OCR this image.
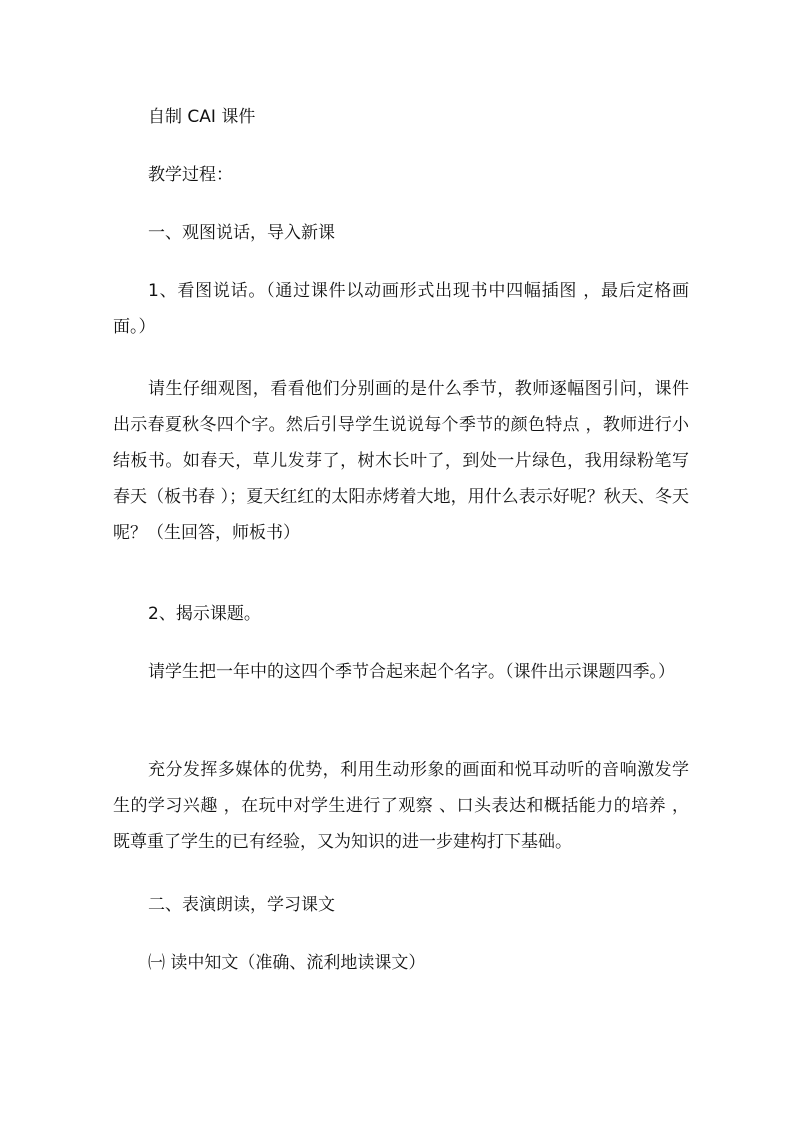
自制 CAI 课件

教学过程：

一、观图说话，导入新课

1、看图说话。（通过课件以动画形式出现书中四幅插图 ，最后定格画面。）

请生仔细观图，看看他们分别画的是什么季节，教师逐幅图引问，课件出示春夏秋冬四个字。然后引导学生说说每个季节的颜色特点 ，教师进行小结板书。如春天，草儿发芽了，树木长叶了，到处一片绿色，我用绿粉笔写春天（板书春 ）；夏天红红的太阳赤烤着大地，用什么表示好呢？秋天、冬天呢？（生回答，师板书）

2、揭示课题。

请学生把一年中的这四个季节合起来起个名字。（课件出示课题四季。）

充分发挥多媒体的优势，利用生动形象的画面和悦耳动听的音响激发学生的学习兴趣 ，在玩中对学生进行了观察 、口头表达和概括能力的培养 ，既尊重了学生的已有经验，又为知识的进一步建构打下基础。

二、表演朗读，学习课文

㈠ 读中知文（准确、流利地读课文）
